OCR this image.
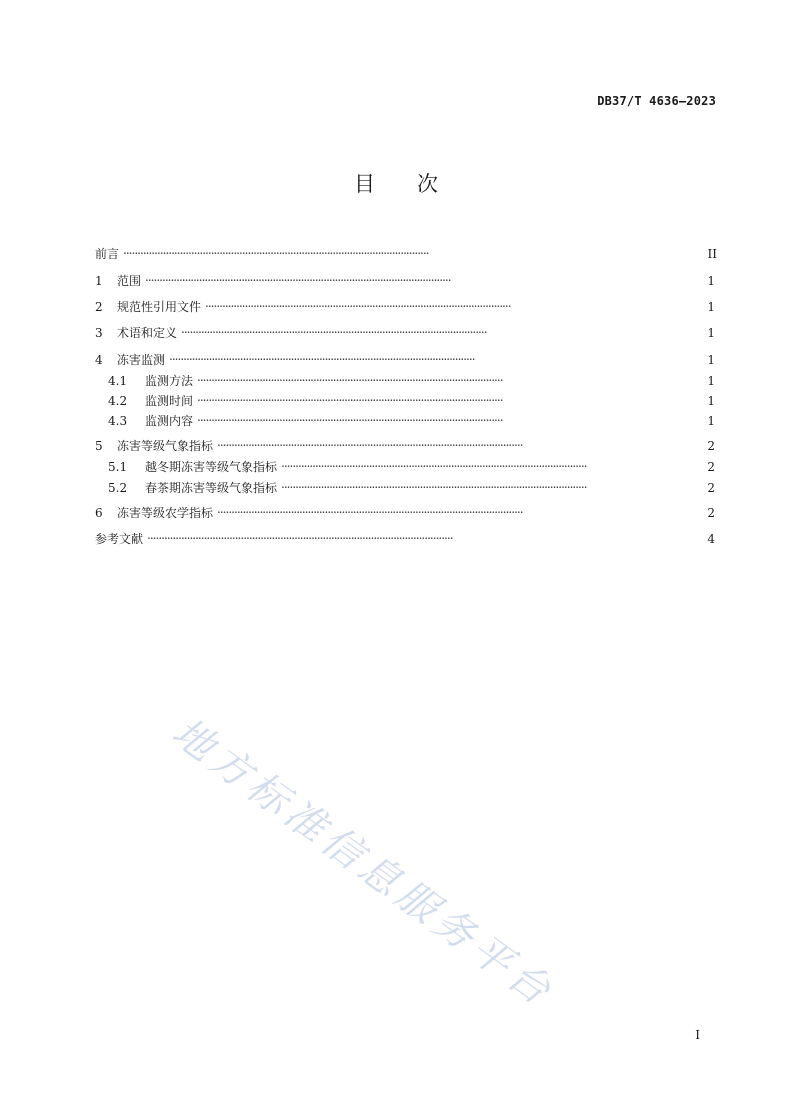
DB37/T 4636—2023
目 次
前言 . . .	II
1	范围 . . .	1
2	规范性引用文件 . . .	1
3	术语和定义 . . .	1
4	冻害监测 . . .	1
4.1	监测方法 . . .	1
4.2	监测时间 . . .	1
4.3	监测内容 . . .	1
5	冻害等级气象指标 . . .	2
5.1	越冬期冻害等级气象指标 . . .	2
5.2	春茶期冻害等级气象指标 . . .	2
6	冻害等级农学指标 . . .	2
参考文献 . . .	4
地方标准信息服务平台
I
